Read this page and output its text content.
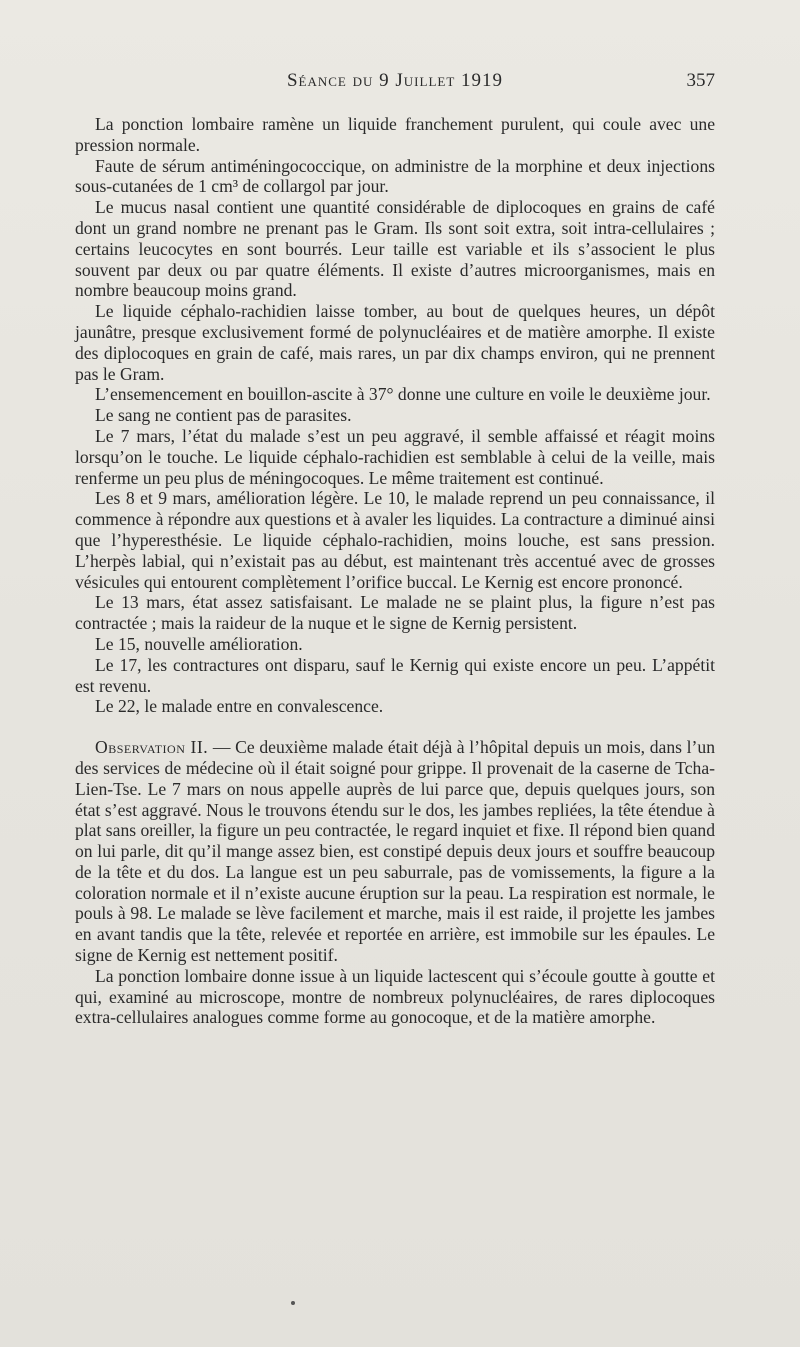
Séance du 9 Juillet 1919	357

La ponction lombaire ramène un liquide franchement purulent, qui coule avec une pression normale.

Faute de sérum antiméningococcique, on administre de la morphine et deux injections sous-cutanées de 1 cm³ de collargol par jour.

Le mucus nasal contient une quantité considérable de diplocoques en grains de café dont un grand nombre ne prenant pas le Gram. Ils sont soit extra, soit intra-cellulaires ; certains leucocytes en sont bourrés. Leur taille est variable et ils s’associent le plus souvent par deux ou par quatre éléments. Il existe d’autres microorganismes, mais en nombre beaucoup moins grand.

Le liquide céphalo-rachidien laisse tomber, au bout de quelques heures, un dépôt jaunâtre, presque exclusivement formé de polynucléaires et de matière amorphe. Il existe des diplocoques en grain de café, mais rares, un par dix champs environ, qui ne prennent pas le Gram.

L’ensemencement en bouillon-ascite à 37° donne une culture en voile le deuxième jour.

Le sang ne contient pas de parasites.

Le 7 mars, l’état du malade s’est un peu aggravé, il semble affaissé et réagit moins lorsqu’on le touche. Le liquide céphalo-rachidien est semblable à celui de la veille, mais renferme un peu plus de méningocoques. Le même traitement est continué.

Les 8 et 9 mars, amélioration légère. Le 10, le malade reprend un peu connaissance, il commence à répondre aux questions et à avaler les liquides. La contracture a diminué ainsi que l’hyperesthésie. Le liquide céphalo-rachidien, moins louche, est sans pression. L’herpès labial, qui n’existait pas au début, est maintenant très accentué avec de grosses vésicules qui entourent complètement l’orifice buccal. Le Kernig est encore prononcé.

Le 13 mars, état assez satisfaisant. Le malade ne se plaint plus, la figure n’est pas contractée ; mais la raideur de la nuque et le signe de Kernig persistent.

Le 15, nouvelle amélioration.

Le 17, les contractures ont disparu, sauf le Kernig qui existe encore un peu. L’appétit est revenu.

Le 22, le malade entre en convalescence.

Observation II. — Ce deuxième malade était déjà à l’hôpital depuis un mois, dans l’un des services de médecine où il était soigné pour grippe. Il provenait de la caserne de Tcha-Lien-Tse. Le 7 mars on nous appelle auprès de lui parce que, depuis quelques jours, son état s’est aggravé. Nous le trouvons étendu sur le dos, les jambes repliées, la tête étendue à plat sans oreiller, la figure un peu contractée, le regard inquiet et fixe. Il répond bien quand on lui parle, dit qu’il mange assez bien, est constipé depuis deux jours et souffre beaucoup de la tête et du dos. La langue est un peu saburrale, pas de vomissements, la figure a la coloration normale et il n’existe aucune éruption sur la peau. La respiration est normale, le pouls à 98. Le malade se lève facilement et marche, mais il est raide, il projette les jambes en avant tandis que la tête, relevée et reportée en arrière, est immobile sur les épaules. Le signe de Kernig est nettement positif.

La ponction lombaire donne issue à un liquide lactescent qui s’écoule goutte à goutte et qui, examiné au microscope, montre de nombreux polynucléaires, de rares diplocoques extra-cellulaires analogues comme forme au gonocoque, et de la matière amorphe.
